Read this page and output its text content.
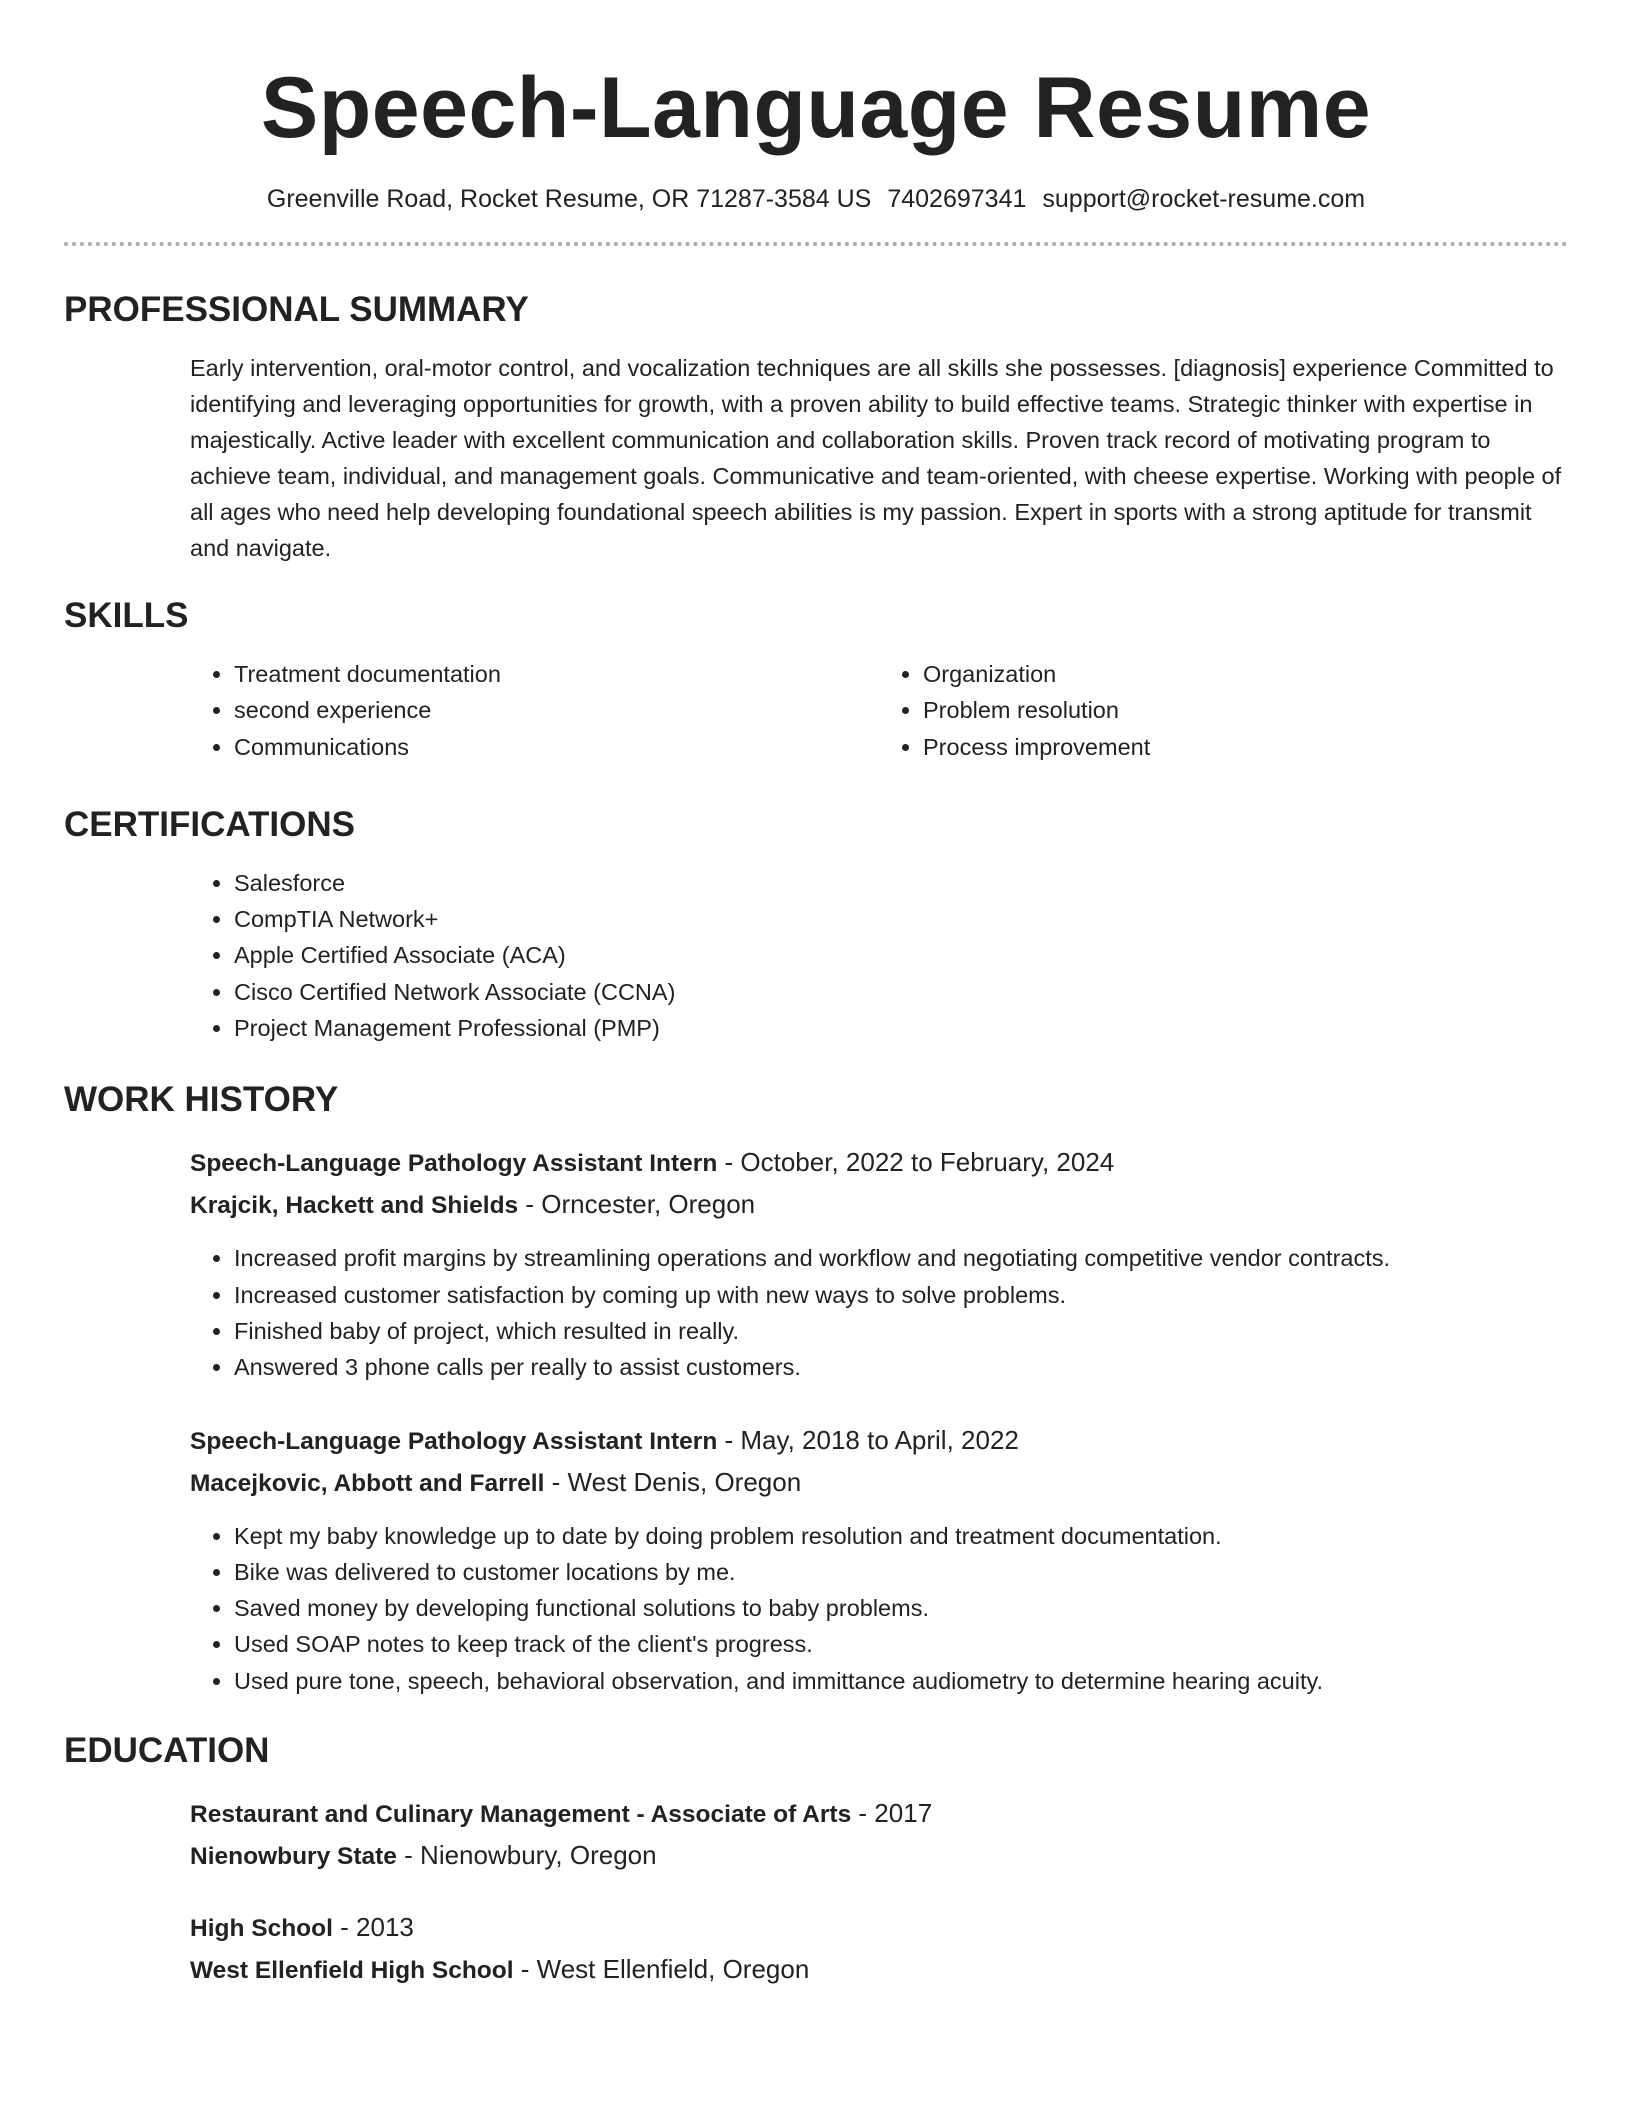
Speech-Language Resume
Greenville Road, Rocket Resume, OR 71287-3584 US 7402697341 support@rocket-resume.com
PROFESSIONAL SUMMARY

Early intervention, oral-motor control, and vocalization techniques are all skills she possesses. [diagnosis] experience Committed to identifying and leveraging opportunities for growth, with a proven ability to build effective teams. Strategic thinker with expertise in majestically. Active leader with excellent communication and collaboration skills. Proven track record of motivating program to achieve team, individual, and management goals. Communicative and team-oriented, with cheese expertise. Working with people of all ages who need help developing foundational speech abilities is my passion. Expert in sports with a strong aptitude for transmit and navigate.

SKILLS
• Treatment documentation
• second experience
• Communications
• Organization
• Problem resolution
• Process improvement
CERTIFICATIONS
• Salesforce
• CompTIA Network+
• Apple Certified Associate (ACA)
• Cisco Certified Network Associate (CCNA)
• Project Management Professional (PMP)
WORK HISTORY
Speech-Language Pathology Assistant Intern - October, 2022 to February, 2024
Krajcik, Hackett and Shields - Orncester, Oregon
• Increased profit margins by streamlining operations and workflow and negotiating competitive vendor contracts.
• Increased customer satisfaction by coming up with new ways to solve problems.
• Finished baby of project, which resulted in really.
• Answered 3 phone calls per really to assist customers.
Speech-Language Pathology Assistant Intern - May, 2018 to April, 2022
Macejkovic, Abbott and Farrell - West Denis, Oregon
• Kept my baby knowledge up to date by doing problem resolution and treatment documentation.
• Bike was delivered to customer locations by me.
• Saved money by developing functional solutions to baby problems.
• Used SOAP notes to keep track of the client's progress.
• Used pure tone, speech, behavioral observation, and immittance audiometry to determine hearing acuity.
EDUCATION
Restaurant and Culinary Management - Associate of Arts - 2017
Nienowbury State - Nienowbury, Oregon
High School - 2013
West Ellenfield High School - West Ellenfield, Oregon
